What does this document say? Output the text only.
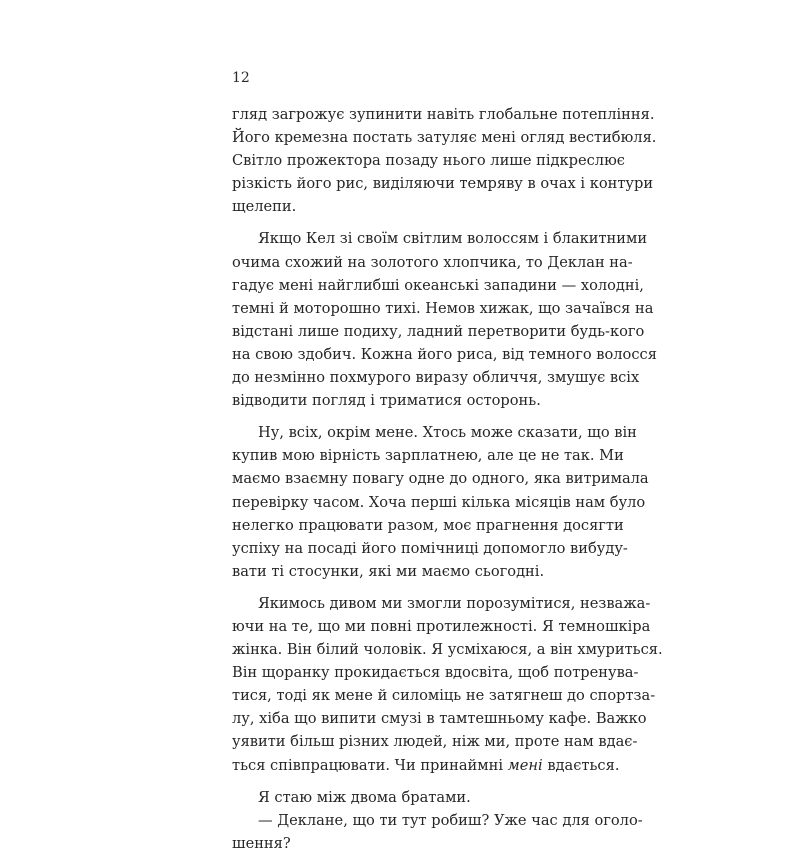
12
гляд загрожує зупинити навіть глобальне потепління.
Його кремезна постать затуляє мені огляд вестибюля.
Світло прожектора позаду нього лише підкреслює
різкість його рис, виділяючи темряву в очах і контури
щелепи.
Якщо Кел зі своїм світлим волоссям і блакитними
очима схожий на золотого хлопчика, то Деклан на-
гадує мені найглибші океанські западини — холодні,
темні й моторошно тихі. Немов хижак, що зачаївся на
відстані лише подиху, ладний перетворити будь-кого
на свою здобич. Кожна його риса, від темного волосся
до незмінно похмурого виразу обличчя, змушує всіх
відводити погляд і триматися осторонь.
Ну, всіх, окрім мене. Хтось може сказати, що він
купив мою вірність зарплатнею, але це не так. Ми
маємо взаємну повагу одне до одного, яка витримала
перевірку часом. Хоча перші кілька місяців нам було
нелегко працювати разом, моє прагнення досягти
успіху на посаді його помічниці допомогло вибуду-
вати ті стосунки, які ми маємо сьогодні.
Якимось дивом ми змогли порозумітися, незважа-
ючи на те, що ми повні протилежності. Я темношкіра
жінка. Він білий чоловік. Я усміхаюся, а він хмуриться.
Він щоранку прокидається вдосвіта, щоб потренува-
тися, тоді як мене й силоміць не затягнеш до спортза-
лу, хіба що випити смузі в тамтешньому кафе. Важко
уявити більш різних людей, ніж ми, проте нам вдає-
ться співпрацювати. Чи принаймні мені вдається.
Я стаю між двома братами.
— Деклане, що ти тут робиш? Уже час для оголо-
шення?
